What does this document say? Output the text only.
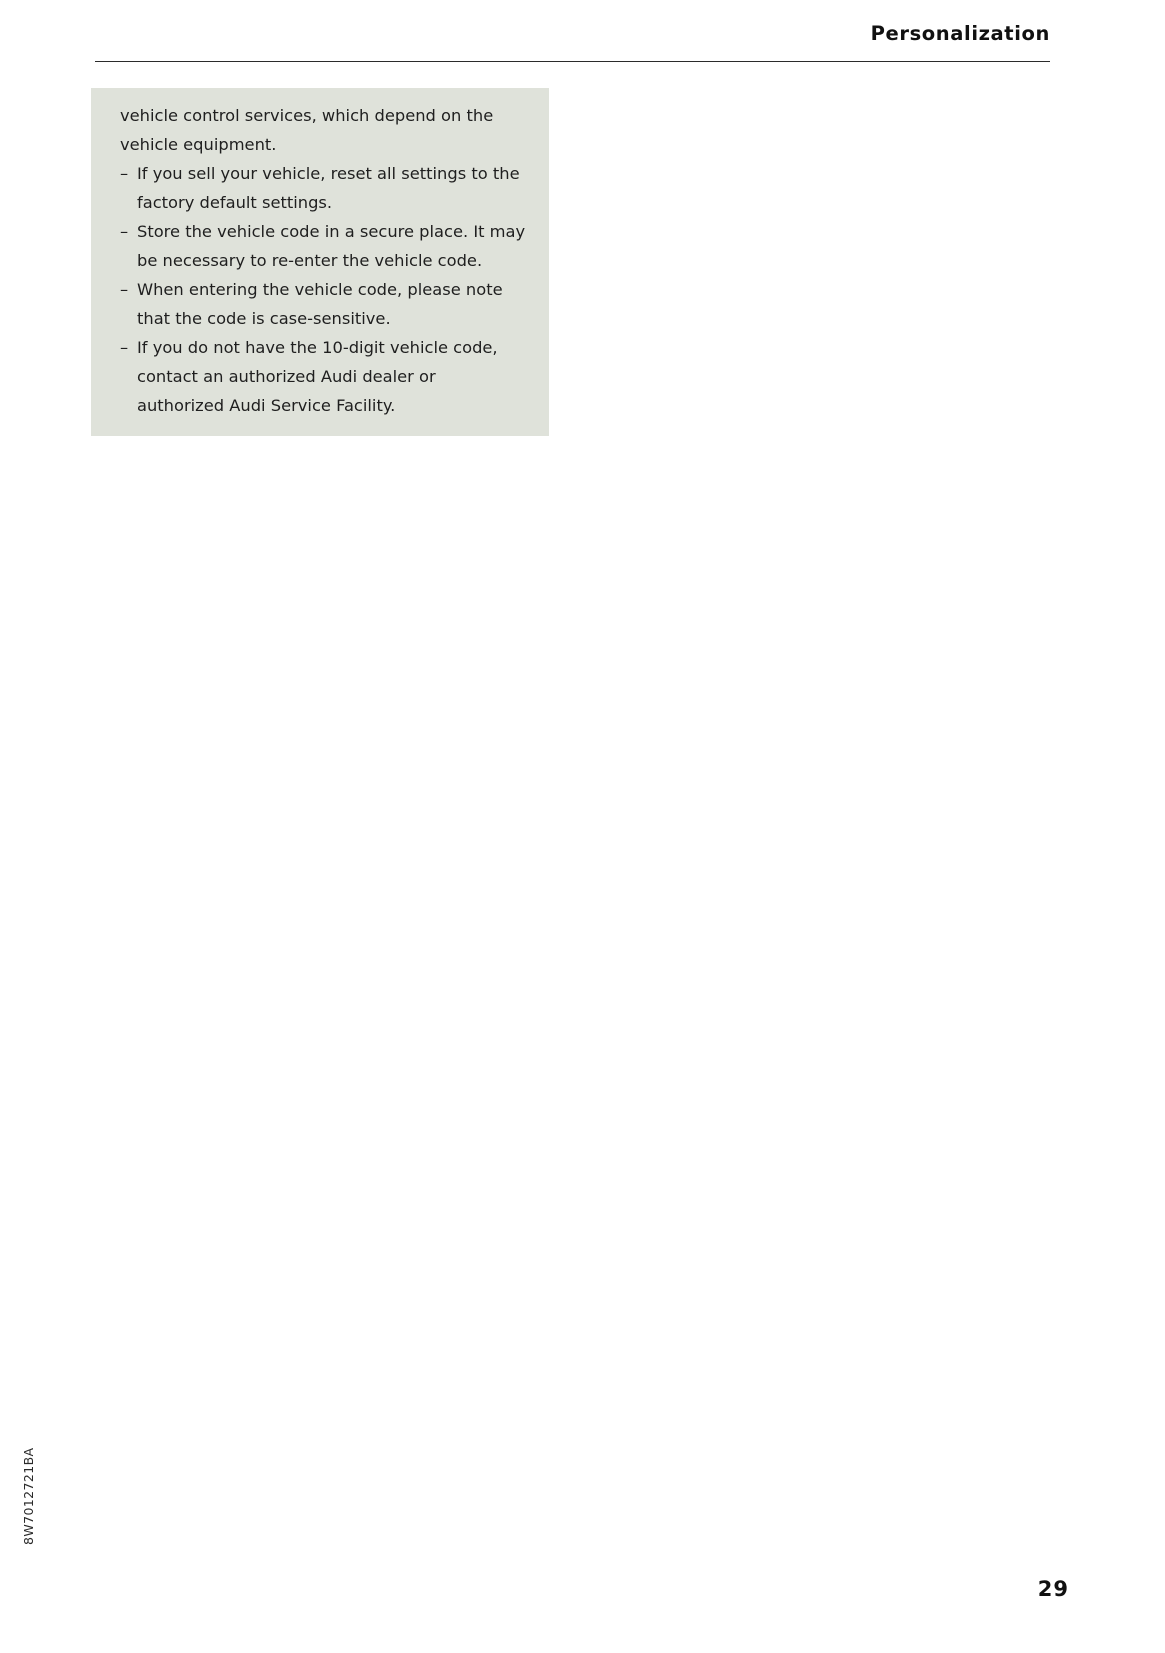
Personalization

vehicle control services, which depend on the vehicle equipment.

– If you sell your vehicle, reset all settings to the factory default settings.
– Store the vehicle code in a secure place. It may be necessary to re-enter the vehicle code.
– When entering the vehicle code, please note that the code is case-sensitive.
– If you do not have the 10-digit vehicle code, contact an authorized Audi dealer or authorized Audi Service Facility.
8W7012721BA
29
